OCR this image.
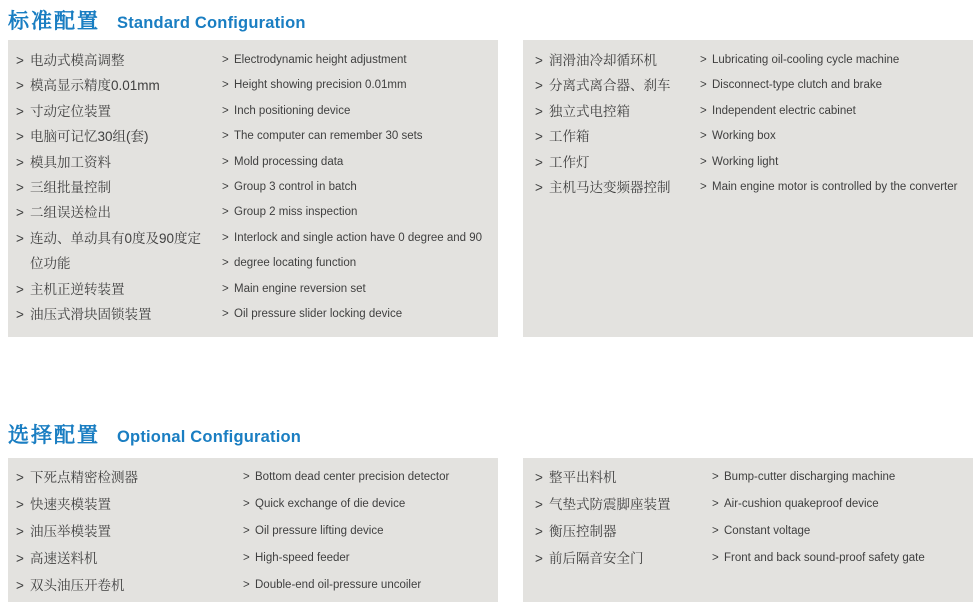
标准配置 Standard Configuration
> 电动式模高调整
> 模高显示精度0.01mm
> 寸动定位装置
> 电脑可记忆30组(套)
> 模具加工资料
> 三组批量控制
> 二组误送检出
> 连动、单动具有0度及90度定
位功能
> 主机正逆转装置
> 油压式滑块固锁装置
> Electrodynamic height adjustment
> Height showing precision 0.01mm
> Inch positioning device
> The computer can remember 30 sets
> Mold processing data
> Group 3 control in batch
> Group 2 miss inspection
> Interlock and single action have 0 degree and 90
> degree locating function
> Main engine reversion set
> Oil pressure slider locking device
> 润滑油冷却循环机
> 分离式离合器、刹车
> 独立式电控箱
> 工作箱
> 工作灯
> 主机马达变频器控制
> Lubricating oil-cooling cycle machine
> Disconnect-type clutch and brake
> Independent electric cabinet
> Working box
> Working light
> Main engine motor is controlled by the converter
选择配置 Optional Configuration
> 下死点精密检测器
> 快速夹模装置
> 油压举模装置
> 高速送料机
> 双头油压开卷机
> Bottom dead center precision detector
> Quick exchange of die device
> Oil pressure lifting device
> High-speed feeder
> Double-end oil-pressure uncoiler
> 整平出料机
> 气垫式防震脚座装置
> 衡压控制器
> 前后隔音安全门
> Bump-cutter discharging machine
> Air-cushion quakeproof device
> Constant voltage
> Front and back sound-proof safety gate
